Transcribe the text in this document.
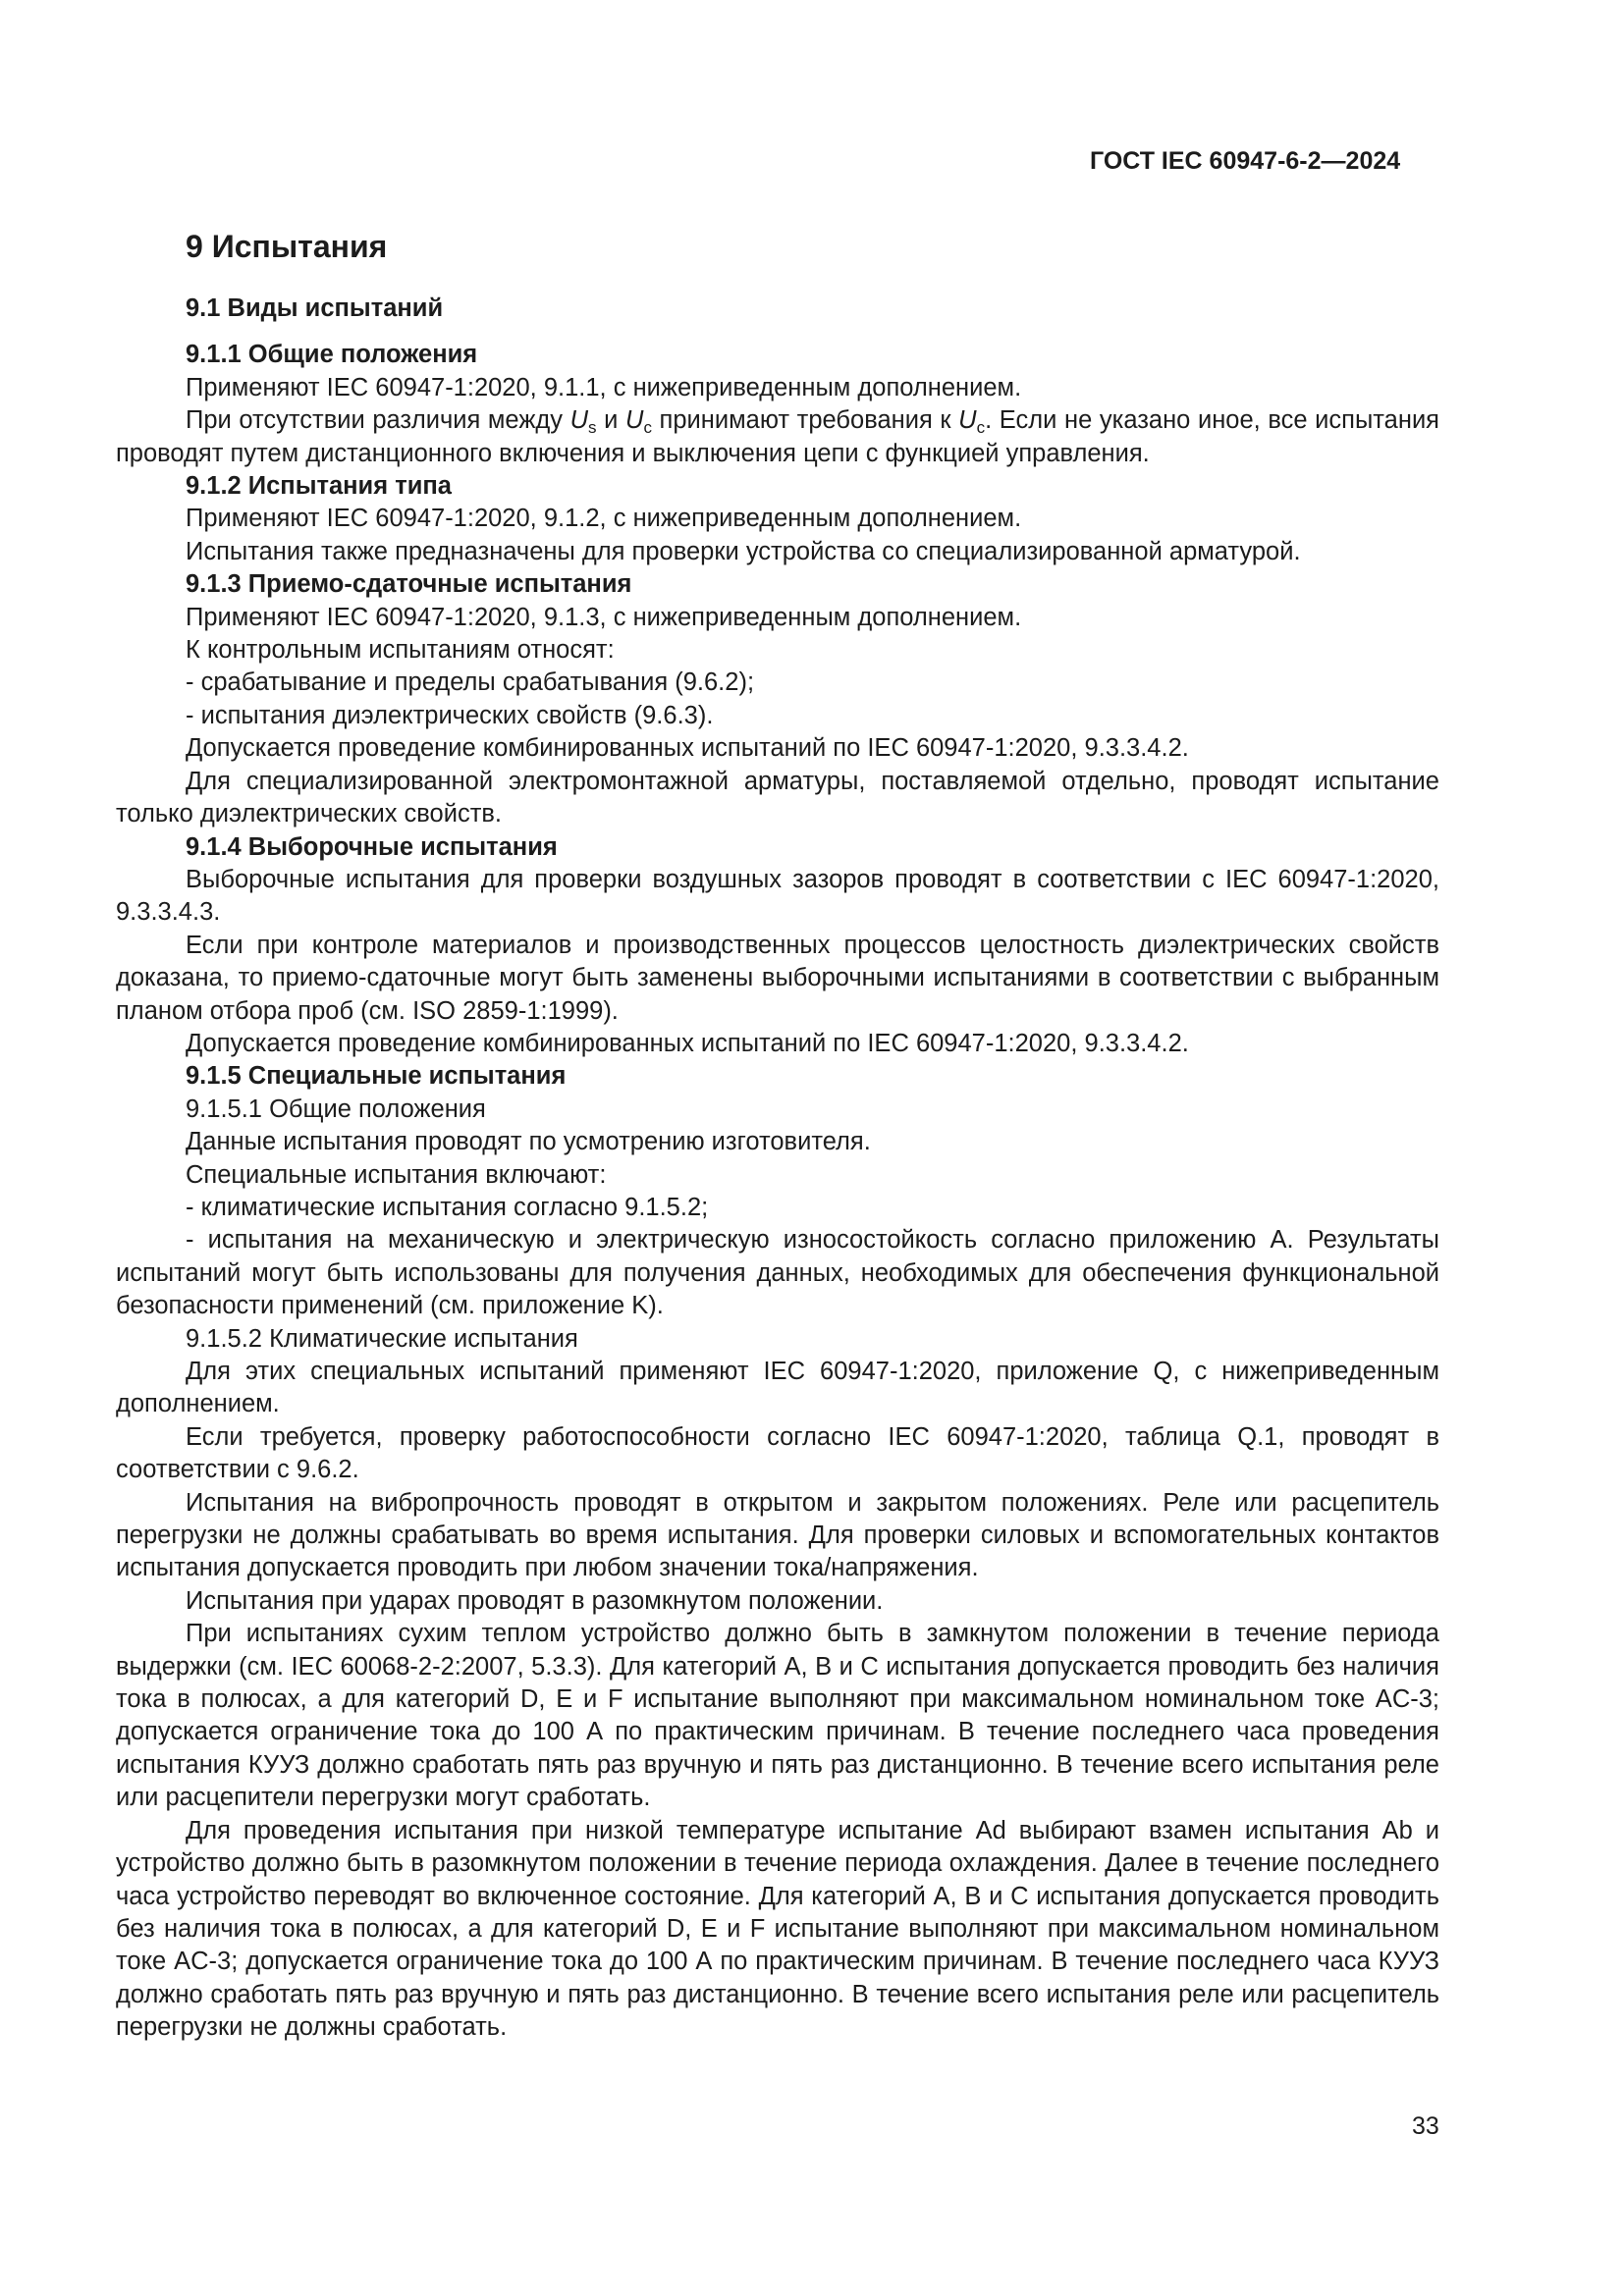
ГОСТ IEC 60947-6-2—2024
9 Испытания
9.1 Виды испытаний
9.1.1 Общие положения
Применяют IEC 60947-1:2020, 9.1.1, с нижеприведенным дополнением.
При отсутствии различия между $U_s$ и $U_c$ принимают требования к $U_c$. Если не указано иное, все испытания проводят путем дистанционного включения и выключения цепи с функцией управления.
9.1.2 Испытания типа
Применяют IEC 60947-1:2020, 9.1.2, с нижеприведенным дополнением.
Испытания также предназначены для проверки устройства со специализированной арматурой.
9.1.3 Приемо-сдаточные испытания
Применяют IEC 60947-1:2020, 9.1.3, с нижеприведенным дополнением.
К контрольным испытаниям относят:
- срабатывание и пределы срабатывания (9.6.2);
- испытания диэлектрических свойств (9.6.3).
Допускается проведение комбинированных испытаний по IEC 60947-1:2020, 9.3.3.4.2.
Для специализированной электромонтажной арматуры, поставляемой отдельно, проводят испытание только диэлектрических свойств.
9.1.4 Выборочные испытания
Выборочные испытания для проверки воздушных зазоров проводят в соответствии с IEC 60947-1:2020, 9.3.3.4.3.
Если при контроле материалов и производственных процессов целостность диэлектрических свойств доказана, то приемо-сдаточные могут быть заменены выборочными испытаниями в соответствии с выбранным планом отбора проб (см. ISO 2859-1:1999).
Допускается проведение комбинированных испытаний по IEC 60947-1:2020, 9.3.3.4.2.
9.1.5 Специальные испытания
9.1.5.1 Общие положения
Данные испытания проводят по усмотрению изготовителя.
Специальные испытания включают:
- климатические испытания согласно 9.1.5.2;
- испытания на механическую и электрическую износостойкость согласно приложению А. Результаты испытаний могут быть использованы для получения данных, необходимых для обеспечения функциональной безопасности применений (см. приложение K).
9.1.5.2 Климатические испытания
Для этих специальных испытаний применяют IEC 60947-1:2020, приложение Q, с нижеприведенным дополнением.
Если требуется, проверку работоспособности согласно IEC 60947-1:2020, таблица Q.1, проводят в соответствии с 9.6.2.
Испытания на вибропрочность проводят в открытом и закрытом положениях. Реле или расцепитель перегрузки не должны срабатывать во время испытания. Для проверки силовых и вспомогательных контактов испытания допускается проводить при любом значении тока/напряжения.
Испытания при ударах проводят в разомкнутом положении.
При испытаниях сухим теплом устройство должно быть в замкнутом положении в течение периода выдержки (см. IEC 60068-2-2:2007, 5.3.3). Для категорий A, B и C испытания допускается проводить без наличия тока в полюсах, а для категорий D, E и F испытание выполняют при максимальном номинальном токе AC-3; допускается ограничение тока до 100 А по практическим причинам. В течение последнего часа проведения испытания КУУЗ должно сработать пять раз вручную и пять раз дистанционно. В течение всего испытания реле или расцепители перегрузки могут сработать.
Для проведения испытания при низкой температуре испытание Ad выбирают взамен испытания Ab и устройство должно быть в разомкнутом положении в течение периода охлаждения. Далее в течение последнего часа устройство переводят во включенное состояние. Для категорий A, B и C испытания допускается проводить без наличия тока в полюсах, а для категорий D, E и F испытание выполняют при максимальном номинальном токе AC-3; допускается ограничение тока до 100 А по практическим причинам. В течение последнего часа КУУЗ должно сработать пять раз вручную и пять раз дистанционно. В течение всего испытания реле или расцепитель перегрузки не должны сработать.
33
